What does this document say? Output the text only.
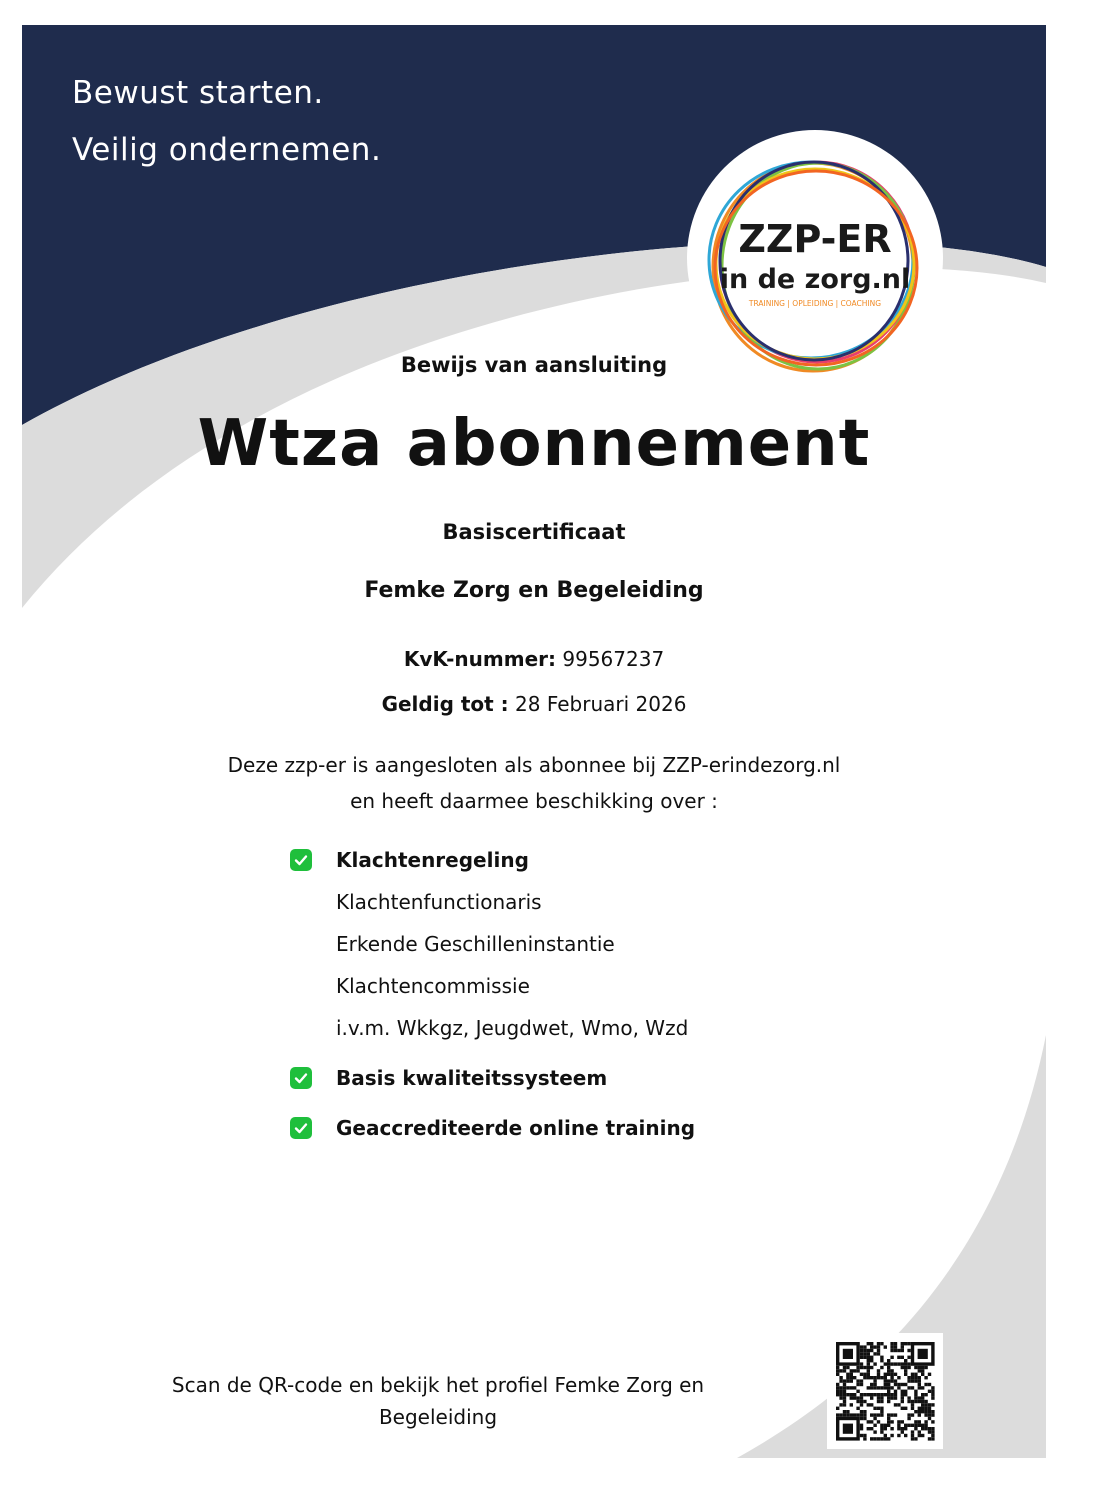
Bewust starten.
Veilig ondernemen.
ZZP-ER
in de zorg.nl
TRAINING | OPLEIDING | COACHING
Bewijs van aansluiting
Wtza abonnement
Basiscertificaat
Femke Zorg en Begeleiding
KvK-nummer: 99567237
Geldig tot : 28 Februari 2026
Deze zzp-er is aangesloten als abonnee bij ZZP-erindezorg.nl
en heeft daarmee beschikking over :
Klachtenregeling
Klachtenfunctionaris
Erkende Geschilleninstantie
Klachtencommissie
i.v.m. Wkkgz, Jeugdwet, Wmo, Wzd
Basis kwaliteitssysteem
Geaccrediteerde online training
Scan de QR-code en bekijk het profiel Femke Zorg en Begeleiding
